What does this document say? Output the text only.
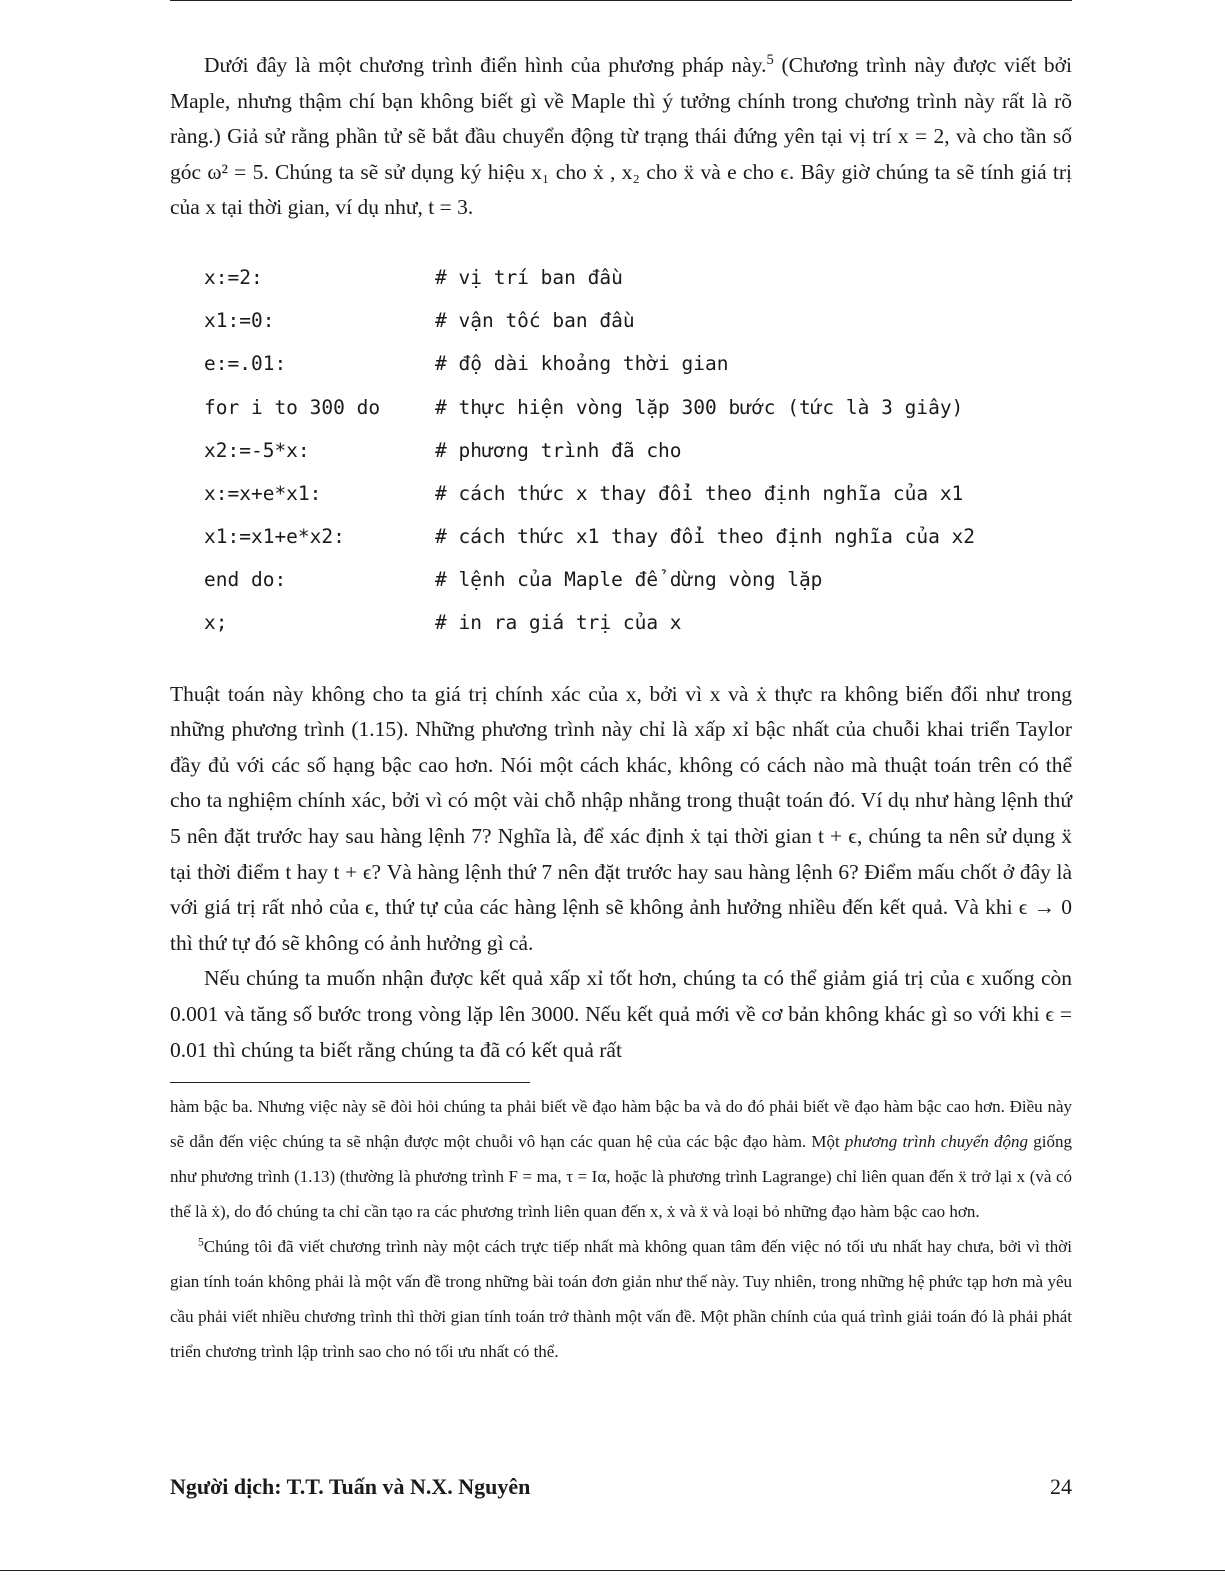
Dưới đây là một chương trình điển hình của phương pháp này.$^5$ (Chương trình này được viết bởi Maple, nhưng thậm chí bạn không biết gì về Maple thì ý tưởng chính trong chương trình này rất là rõ ràng.) Giả sử rằng phần tử sẽ bắt đầu chuyển động từ trạng thái đứng yên tại vị trí x = 2, và cho tần số góc ω² = 5. Chúng ta sẽ sử dụng ký hiệu x₁ cho ẋ , x₂ cho ẍ và e cho ϵ. Bây giờ chúng ta sẽ tính giá trị của x tại thời gian, ví dụ như, t = 3.

x:=2:	# vị trí ban đầu
x1:=0:	# vận tốc ban đầu
e:=.01:	# độ dài khoảng thời gian
for i to 300 do	# thực hiện vòng lặp 300 bước (tức là 3 giây)
x2:=-5*x:	# phương trình đã cho
x:=x+e*x1:	# cách thức x thay đổi theo định nghĩa của x1
x1:=x1+e*x2:	# cách thức x1 thay đổi theo định nghĩa của x2
end do:	# lệnh của Maple để dừng vòng lặp
x;	# in ra giá trị của x

Thuật toán này không cho ta giá trị chính xác của x, bởi vì x và ẋ thực ra không biến đổi như trong những phương trình (1.15). Những phương trình này chỉ là xấp xỉ bậc nhất của chuỗi khai triển Taylor đầy đủ với các số hạng bậc cao hơn. Nói một cách khác, không có cách nào mà thuật toán trên có thể cho ta nghiệm chính xác, bởi vì có một vài chỗ nhập nhằng trong thuật toán đó. Ví dụ như hàng lệnh thứ 5 nên đặt trước hay sau hàng lệnh 7? Nghĩa là, để xác định ẋ tại thời gian t + ϵ, chúng ta nên sử dụng ẍ tại thời điểm t hay t + ϵ? Và hàng lệnh thứ 7 nên đặt trước hay sau hàng lệnh 6? Điểm mấu chốt ở đây là với giá trị rất nhỏ của ϵ, thứ tự của các hàng lệnh sẽ không ảnh hưởng nhiều đến kết quả. Và khi ϵ → 0 thì thứ tự đó sẽ không có ảnh hưởng gì cả.

Nếu chúng ta muốn nhận được kết quả xấp xỉ tốt hơn, chúng ta có thể giảm giá trị của ϵ xuống còn 0.001 và tăng số bước trong vòng lặp lên 3000. Nếu kết quả mới về cơ bản không khác gì so với khi ϵ = 0.01 thì chúng ta biết rằng chúng ta đã có kết quả rất

hàm bậc ba. Nhưng việc này sẽ đòi hỏi chúng ta phải biết về đạo hàm bậc ba và do đó phải biết về đạo hàm bậc cao hơn. Điều này sẽ dẫn đến việc chúng ta sẽ nhận được một chuỗi vô hạn các quan hệ của các bậc đạo hàm. Một phương trình chuyển động giống như phương trình (1.13) (thường là phương trình F = ma, τ = Iα, hoặc là phương trình Lagrange) chỉ liên quan đến ẍ trở lại x (và có thể là ẋ), do đó chúng ta chỉ cần tạo ra các phương trình liên quan đến x, ẋ và ẍ và loại bỏ những đạo hàm bậc cao hơn.

$^5$Chúng tôi đã viết chương trình này một cách trực tiếp nhất mà không quan tâm đến việc nó tối ưu nhất hay chưa, bởi vì thời gian tính toán không phải là một vấn đề trong những bài toán đơn giản như thế này. Tuy nhiên, trong những hệ phức tạp hơn mà yêu cầu phải viết nhiều chương trình thì thời gian tính toán trở thành một vấn đề. Một phần chính của quá trình giải toán đó là phải phát triển chương trình lập trình sao cho nó tối ưu nhất có thể.

Người dịch: T.T. Tuấn và N.X. Nguyên	24
